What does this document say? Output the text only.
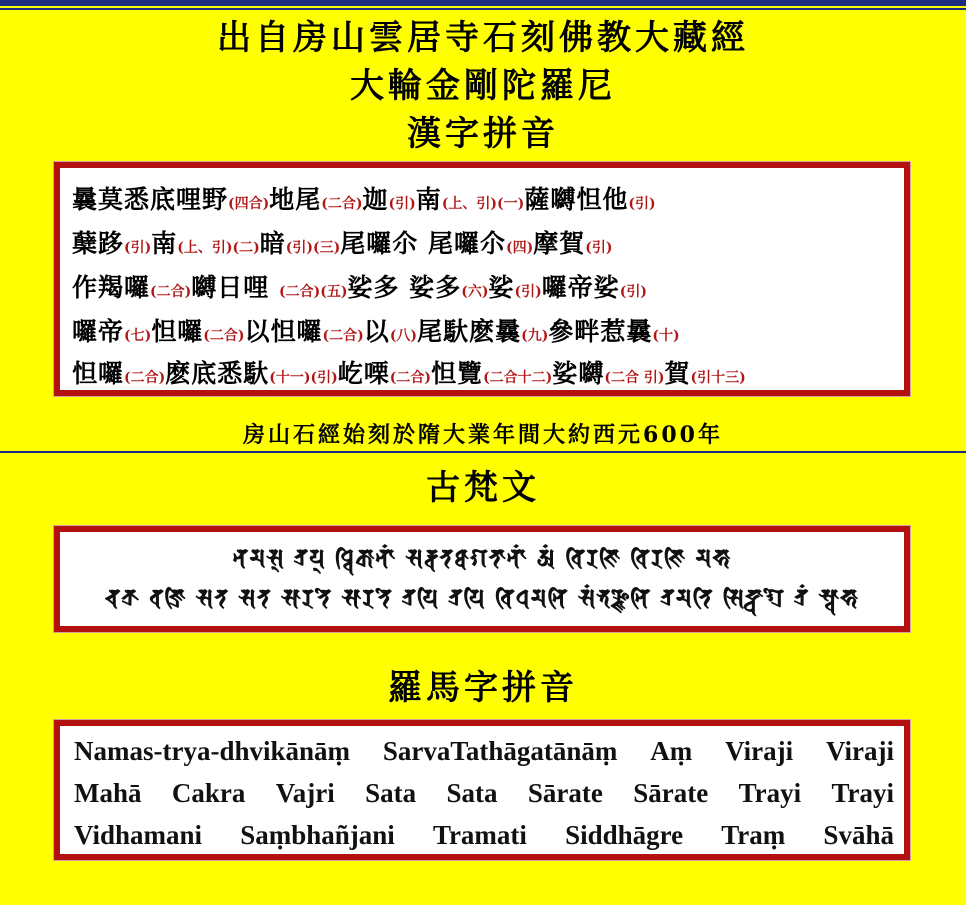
出自房山雲居寺石刻佛教大藏經
大輪金剛陀羅尼
漢字拼音
曩莫悉底哩野(四合)地尾(二合)迦(引)南(上、引)(一)薩嚩怛他(引)
蘖跢(引)南(上、引)(二)暗(引)(三)尾囉尒 尾囉尒(四)摩賀(引)
作羯囉(二合)嚩日哩 (二合)(五)娑多 娑多(六)娑(引)囉帝娑(引)
囉帝(七)怛囉(二合)以怛囉(二合)以(八)尾馱麽曩(九)參畔惹曩(十)
怛囉(二合)麽底悉馱(十一)(引)屹㗚(二合)怛覽(二合十二)娑嚩(二合 引)賀(引十三)
房山石經始刻於隋大業年間大約西元600年
古梵文
𑖡𑖦𑖭𑖿 𑖝𑖿𑖨𑖧𑖿 𑖠𑖿𑖪𑖰𑖎𑖯𑖡𑖯𑖽 𑖭𑖨𑖿𑖪𑖝𑖞𑖯𑖐𑖝𑖯𑖡𑖯𑖽 𑖀𑖽 𑖪𑖰𑖨𑖕𑖰 𑖪𑖰𑖨𑖕𑖰 𑖦𑖮𑖯
𑖓𑖎𑖿𑖨 𑖪𑖕𑖿𑖨𑖰 𑖭𑖝 𑖭𑖝 𑖭𑖯𑖨𑖝𑖸 𑖭𑖯𑖨𑖝𑖸 𑖝𑖿𑖨𑖧𑖰 𑖝𑖿𑖨𑖧𑖰 𑖪𑖰𑖠𑖦𑖡𑖰 𑖭𑖽𑖥𑖗𑖿𑖕𑖡𑖰 𑖝𑖿𑖨𑖦𑖝𑖰 𑖭𑖰𑖟𑖿𑖠𑖯𑖐𑖿𑖨𑖸 𑖝𑖿𑖨𑖽 𑖭𑖿𑖪𑖯𑖮𑖯
羅馬字拼音
Namas-trya-dhvikānāṃ SarvaTathāgatānāṃ Aṃ Viraji Viraji
Mahā Cakra Vajri Sata Sata Sārate Sārate Trayi Trayi
Vidhamani Saṃbhañjani Tramati Siddhāgre Traṃ Svāhā
